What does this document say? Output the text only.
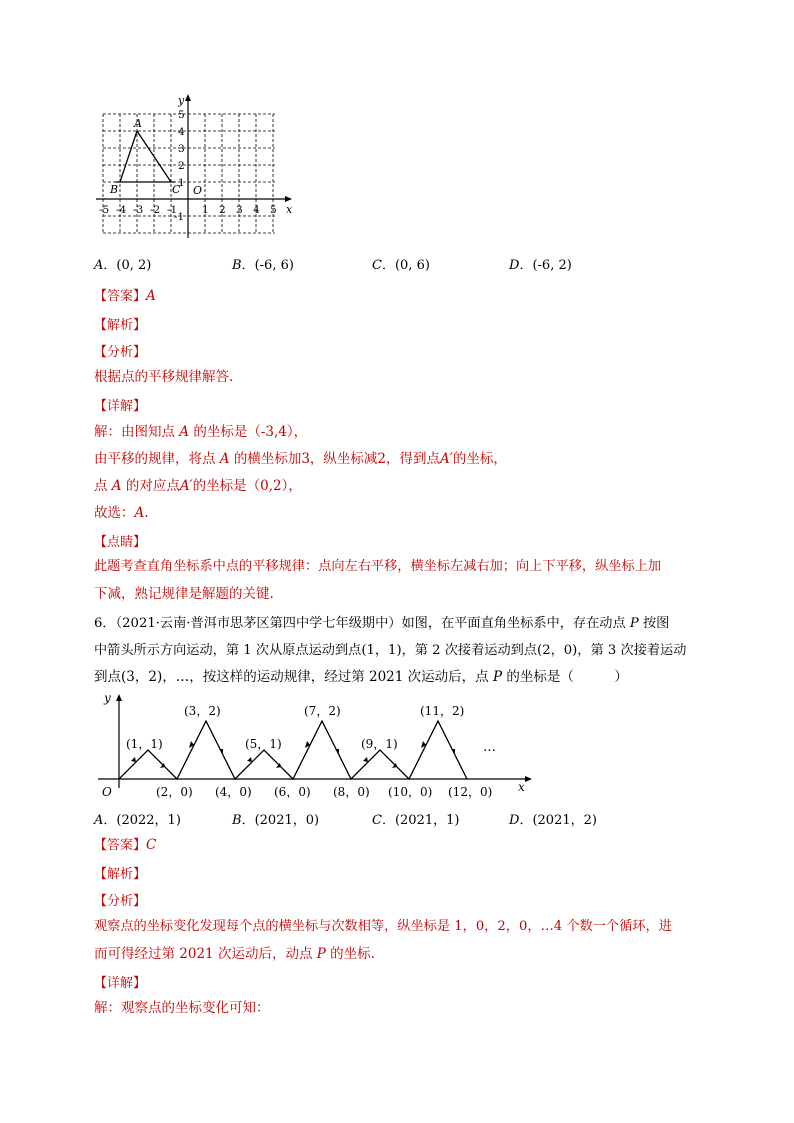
y
x
O
A
B	C
-5 -4 -3 -2 -1 1 2 3 4 5
5
4
3
2
1
-1
A．(0, 2)	B．(-6, 6)	C．(0, 6)	D．(-6, 2)
【答案】A
【解析】
【分析】
根据点的平移规律解答.
【详解】
解：由图知点 A 的坐标是（-3,4），
由平移的规律，将点 A 的横坐标加3，纵坐标减2，得到点A′的坐标，
点 A 的对应点A′的坐标是（0,2），
故选：A.
【点睛】
此题考查直角坐标系中点的平移规律：点向左右平移，横坐标左减右加；向上下平移，纵坐标上加
下减，熟记规律是解题的关键.
6．（2021·云南·普洱市思茅区第四中学七年级期中）如图，在平面直角坐标系中，存在动点 P 按图
中箭头所示方向运动，第 1 次从原点运动到点(1，1)，第 2 次接着运动到点(2，0)，第 3 次接着运动
到点(3，2)，…，按这样的运动规律，经过第 2021 次运动后，点 P 的坐标是（　　　）
y
x
O
(1，1)
(3，2)
(5，1)
(7，2)
(9，1)
(11，2)
…
(2，0) (4，0) (6，0) (8，0) (10，0) (12，0)
A．(2022，1)	B．(2021，0)	C．(2021，1)	D．(2021，2)
【答案】C
【解析】
【分析】
观察点的坐标变化发现每个点的横坐标与次数相等，纵坐标是 1，0，2，0，…4 个数一个循环，进
而可得经过第 2021 次运动后，动点 P 的坐标.
【详解】
解：观察点的坐标变化可知：
